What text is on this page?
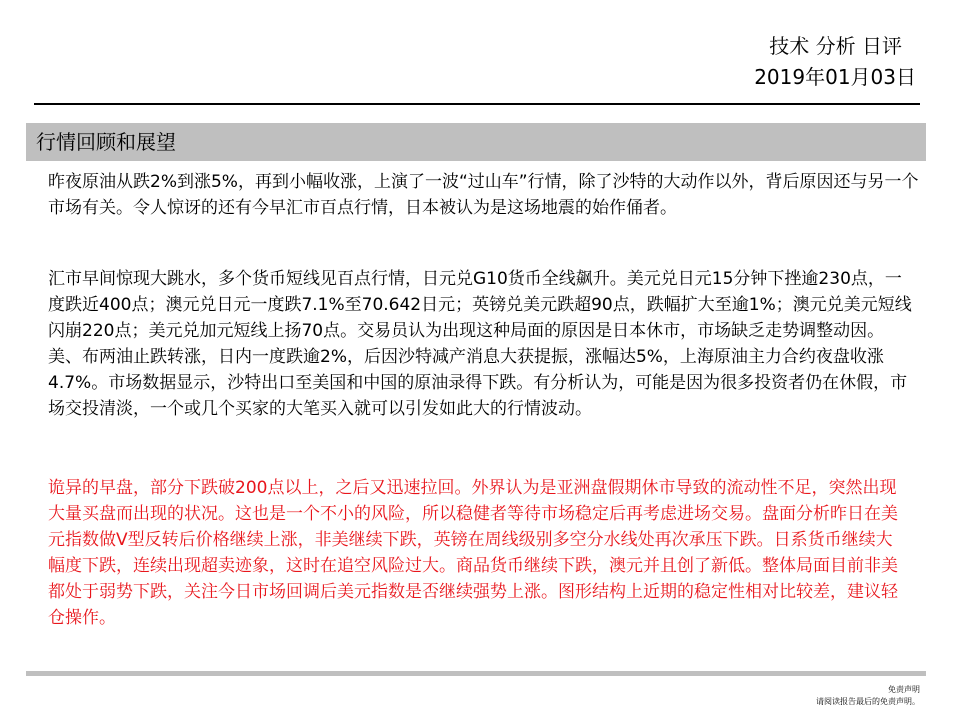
技术 分析 日评
2019年01月03日
行情回顾和展望

昨夜原油从跌2%到涨5%，再到小幅收涨，上演了一波“过山车”行情，除了沙特的大动作以外，背后原因还与另一个市场有关。令人惊讶的还有今早汇市百点行情，日本被认为是这场地震的始作俑者。

汇市早间惊现大跳水，多个货币短线见百点行情，日元兑G10货币全线飙升。美元兑日元15分钟下挫逾230点，一度跌近400点；澳元兑日元一度跌7.1%至70.642日元；英镑兑美元跌超90点，跌幅扩大至逾1%；澳元兑美元短线闪崩220点；美元兑加元短线上扬70点。交易员认为出现这种局面的原因是日本休市，市场缺乏走势调整动因。美、布两油止跌转涨，日内一度跌逾2%，后因沙特减产消息大获提振，涨幅达5%，上海原油主力合约夜盘收涨4.7%。市场数据显示，沙特出口至美国和中国的原油录得下跌。有分析认为，可能是因为很多投资者仍在休假，市场交投清淡，一个或几个买家的大笔买入就可以引发如此大的行情波动。

诡异的早盘，部分下跌破200点以上，之后又迅速拉回。外界认为是亚洲盘假期休市导致的流动性不足，突然出现大量买盘而出现的状况。这也是一个不小的风险，所以稳健者等待市场稳定后再考虑进场交易。盘面分析昨日在美元指数做V型反转后价格继续上涨，非美继续下跌，英镑在周线级别多空分水线处再次承压下跌。日系货币继续大幅度下跌，连续出现超卖迹象，这时在追空风险过大。商品货币继续下跌，澳元并且创了新低。整体局面目前非美都处于弱势下跌，关注今日市场回调后美元指数是否继续强势上涨。图形结构上近期的稳定性相对比较差，建议轻仓操作。

免责声明
请阅读报告最后的免责声明。
